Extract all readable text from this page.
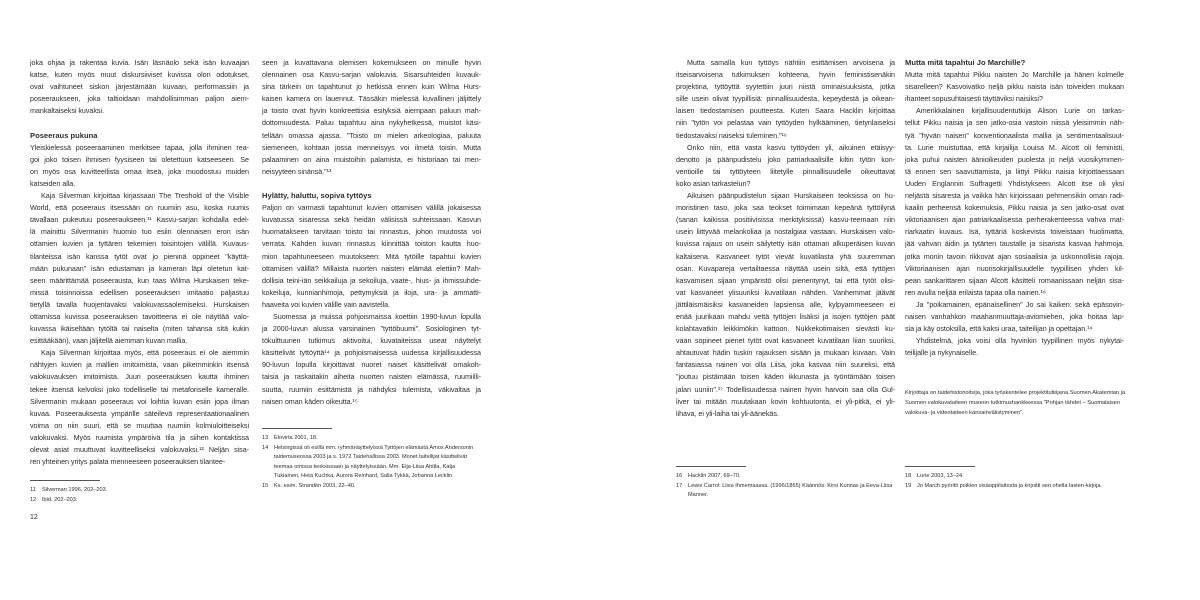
joka ohjaa ja rakentaa kuvia. Isän läsnäolo sekä isän kuvaajan
katse, kuten myös muut diskursiiviset kuvissa olon odotukset,
ovat vaihtuneet siskon järjestämään kuvaan, performassiin ja
poseeraukseen, joka taltioidaan mahdollisimman paljon aiem-
mankaltaiseksi kuvaksi.
Poseeraus pukuna
Yleiskielessä poseeraaminen merkitsee tapaa, jolla ihminen rea-
goi joko toisen ihmisen fyysiseen tai oletettuun katseeseen. Se
on myös osa kuvitteellista omaa itseä, joka muodostuu muiden
katseiden alla.
Kaja Silverman kirjoittaa kirjassaan The Treshold of the Visible
World, että poseeraus itsessään on ruumiin asu, koska ruumis
tavallaan pukeutuu poseeraukseen.¹¹ Kasvu-sarjan kohdalla edel-
lä mainittu Silvermanin huomio tuo esiin olennaisen eron isän
ottamien kuvien ja tyttären tekemien toisintojen välillä. Kuvaus-
tilanteissa isän kanssa tytöt ovat jo pieninä oppineet "käyttä-
mään pukunaan" isän edustaman ja kameran läpi oletetun kat-
seen määrittämää poseerausta, kun taas Wilma Hurskaisen teke-
missä toisinnoissa edellisen poseerauksen imitaatio paljastuu
tietyllä tavalla huojentavaksi valokuvassaolemiseksi. Hurskaisen
ottamissa kuvissa poseerauksen tavoitteena ei ole näyttää valo-
kuvassa ikäiseltään tytöltä tai naiselta (miten tahansa sitä kukin
esittääkään), vaan jäljitellä aiemman kuvan mallia.
Kaja Silverman kirjoittaa myös, että poseeraus ei ole aiemmin
nähtyjen kuvien ja mallien imitoimista, vaan pikemminkin itsensä
valokuvauksen imitoimista. Juuri poseerauksen kautta ihminen
tekee itsensä kelvoksi joko todelliselle tai metaforiselle kameralle.
Silvermanin mukaan poseeraus voi loihtia kuvan esiin jopa ilman
kuvaa. Poseerauksesta ympärille säteilevä representaationaalinen
voima on niin suuri, että se muuttaa ruumiin kolmiuloitteiseksi
valokuvaksi. Myös ruumista ympäröivä tila ja siihen kontaktissa
olevat asiat muuttuvat kuvitteelliseksi valokuvaksi.¹² Neljän sisa-
ren yhteinen yritys palata menneeseen poseerauksen tilantee-
seen ja kuvattavana olemisen kokemukseen on minulle hyvin
olennainen osa Kasvu-sarjan valokuvia. Sisarsuhteiden kuvauk-
sina tärkein on tapahtunut jo hetkissä ennen kuin Wilma Hurs-
kaisen kamera on lauennut. Tässäkin mielessä kuvallinen jäljittely
ja toisto ovat hyvin konkreettisia esityksiä aiempaan paluun mah-
dottomuudesta. Paluu tapahtuu aina nykyhetkessä, muistot käsi-
tellään omassa ajassa. "Toisto on mielen arkeologiaa, paluuta
siemeneen, kohtaan jossa menneisyys voi ilmetä toisin. Mutta
palaaminen on aina muistoihin palamista, ei historiaan tai men-
neisyyteen sinänsä."¹³
Hylätty, haluttu, sopiva tyttöys
Paljon on varmasti tapahtunut kuvien ottamisen välillä jokaisessa
kuvatussa sisaressa sekä heidän välisissä suhteissaan. Kasvun
huomatakseen tarvitaan toisto tai rinnastus, johon muutosta voi
verrata. Kahden kuvan rinnastus kiinnittää toiston kautta huo-
mion tapahtuneeseen muutokseen: Mitä tytöille tapahtui kuvien
ottamisen välillä? Millaista nuorten naisten elämää elettiin? Mah-
dollisia teini-iän seikkailuja ja sekoiluja, vaate-, hius- ja ihmissuhde-
kokeiluja, kunnianhimoja, pettymyksiä ja iloja, ura- ja ammatti-
haaveita voi kuvien välille vain aavistella.
Suomessa ja muissa pohjoismaissa koettiin 1990-luvun lopulla
ja 2000-luvun alussa varsinainen "tyttöbuumi". Sosiologinen tyt-
tökulttuurien tutkimus aktivoitui, kuvataiteissa useat näyttelyt
käsittelivät tyttöyttä¹⁴ ja pohjoismaisessa uudessa kirjallisuudessa
90-luvun lopulla kirjoittavat nuoret naiset käsittelivät omakoh-
taisia ja raskaitakin aiheita nuorten naisten elämässä, ruumiilli-
suutta, ruumiin esittämistä ja nähdyksi tulemista, väkivaltaa ja
naisen oman käden oikeutta.¹⁵
Mutta samalla kun tyttöys nähtiin esittämisen arvoisena ja
itseisarvoisena tutkimuksen kohteena, hyvin feministisenäkin
projektina, tyttöyttä syytettiin juuri niistä ominaisuuksista, jotka
sille usein olivat tyypillisiä: pinnallisuudesta, kepeydestä ja oikean-
laisen tiedostamisen puutteesta. Kuten Saara Hacklin kirjoittaa
niin "tytön voi pelastaa vain tyttöyden hylkääminen, tietynlaiseksi
tiedostavaksi naiseksi tuleminen."¹⁶
Onko niin, että vasta kasvu tyttöyden yli, aikuinen etäisyy-
denotto ja päänpudistelu joko patriarkaalisille kiltin tytön kon-
ventioille tai tyttöyteen liitetylle pinnallisuudelle oikeuttavat
koko asian tarkastelun?
Aikuisen päänpudistelun sijaan Hurskaiseen teoksissa on hu-
moristinen taso, joka saa teokset toimimaan kepeänä tyttöilynä
(sanan kaikissa positiivisissa merkityksissä) kasvu-teemaan niin
usein liittyvää melankoliaa ja nostalgiaa vastaan. Hurskaisen valo-
kuvissa rajaus on usein säilytetty isän ottaman alkuperäisen kuvan
kaltaisena. Kasvaneet tytöt vievät kuvatilasta yhä suuremman
osan. Kuvapareja vertailtaessa näyttää usein siltä, että tyttöjen
kasvamisen sijaan ympäristö olisi pienentynyt, tai että tytöt olisi-
vat kasvaneet ylisuuriksi kuvatilaan nähden. Vanhemmat jäävät
jättiläismäisiksi kasvaneiden lapsiensa alle, kylpyammeeseen ei
enää juurikaan mahdu vettä tyttöjen lisäksi ja isojen tyttöjen päät
kolahtavatkin leikkimökin kattoon. Nukkekotimaisen sievästi ku-
vaan sopineet pienet tytöt ovat kasvaneet kuvatilaan liian suuriksi,
ahtautuvat hädin tuskin rajauksen sisään ja mukaan kuvaan. Vain
fantasiassa nainen voi olla Liisa, joka kasvaa niin suureksi, että
"joutuu pistämään toisen käden ikkunasta ja työntämään toisen
jalan uuniin".¹⁷ Todellisuudessa nainen hyvin harvoin saa olla Gul-
liver tai mitään muutakaan kovin kohtuutonta, ei yli-pitkä, ei yli-
lihava, ei yli-laiha tai yli-äänekäs.
Mutta mitä tapahtui Jo Marchille?
Mutta mitä tapahtui Pikku naisten Jo Marchille ja hänen kolmelle
sisarelleen? Kasvoivatko neljä pikku naista isän toiveiden mukaan
ihanteet sopusuhtaisesti täyttäviksi naisiksi?
Amerikkalainen kirjallisuudentutkija Alison Lurie on tarkas-
tellut Pikku naisia ja sen jatko-osia vastoin niissä yleisimmin näh-
tyä "hyvän naisen" konventionaalista mallia ja sentimentaalisuut-
ta. Lurie muistuttaa, että kirjailija Louisa M. Alcott oli feministi,
joka puhui naisten äänioikeuden puolesta jo neljä vuosikymmen-
tä ennen sen saavuttamista, ja liittyi Pikku naisia kirjoittaessaan
Uuden Englannin Suffragetti Yhdistykseen. Alcott itse oli yksi
neljästä sisaresta ja vaikka hän kirjoissaan pehmensikin oman radi-
kaalin perheensä kokemuksia, Pikku naisia ja sen jatko-osat ovat
viktoriaanisen ajan patriarkaalisessa perherakenteessa vahva mat-
riarkaatin kuvaus. Isä, tyttäriä koskevista toiveistaan huolimatta,
jää vahvan äidin ja tytärten taustalle ja sisarista kasvaa hahmoja,
jotka monin tavoin rikkovat ajan sosiaalisia ja uskonnollisia rajoja.
Viktoriaanisen ajan nuorisokirjallisuudelle tyypillisen yhden kil-
pean sankarittaren sijaan Alcott käsitteli romaanissaan neljän sisa-
ren avulla neljää erilaista tapaa olla nainen.¹⁸
Ja "poikamainen, epänaisellinen" Jo sai kaiken: sekä epäsovin-
naisen vanhahkon maahanmuuttaja-aviomiehen, joka hoitaa lap-
sia ja käy ostoksilla, että kaksi uraa, taiteilijan ja opettajan.¹⁹
Yhdistelmä, joka voisi olla hyvinkin tyypillinen myös nykytai-
teilijalle ja nykynaiselle.
11	Silverman 1996, 202–203.
12	Ibid. 202–203.
13	Elovirta 2001, 18.
14	Helsingissä oli esillä mm. ryhmänäyttelyissä Tyttöjen elämästä Amos Andersonin taidemuseossa 2003 ja s. 1972 Taidehallissa 2003. Monet taiteilijat käsittelivät teemaa omissa teoksissaan ja näyttelyissään. Mm. Eija-Liisa Ahtila, Katja Tukiainen, Heta Kuchka, Aurora Reinhard, Salla Tykkä, Johanna Lecklin.
15	Ks. esim. Strandén 2003, 22–40.
16	Hacklin 2007, 69–70.
17	Lewis Carrol: Liisa Ihmemaassa. (1996/1865) Käännös: Kirsi Kunnas ja Eeva-Liisa Manner.
18	Lurie 2003, 13–24.
19	Jo March pyöritti poikien sisäoppilaitosta ja kirjoitti sen ohella lasten-kirjoja.
Kirjoittaja on taidehistorioitsija, joka työskentelee projektitutkijana Suomen Akatemian ja Suomen valokuvataiteen museon tutkimushankkeessa "Pohjan tähdet – Suomalaisen valokuva- ja videotaiteen kansainvälistyminen".
12
